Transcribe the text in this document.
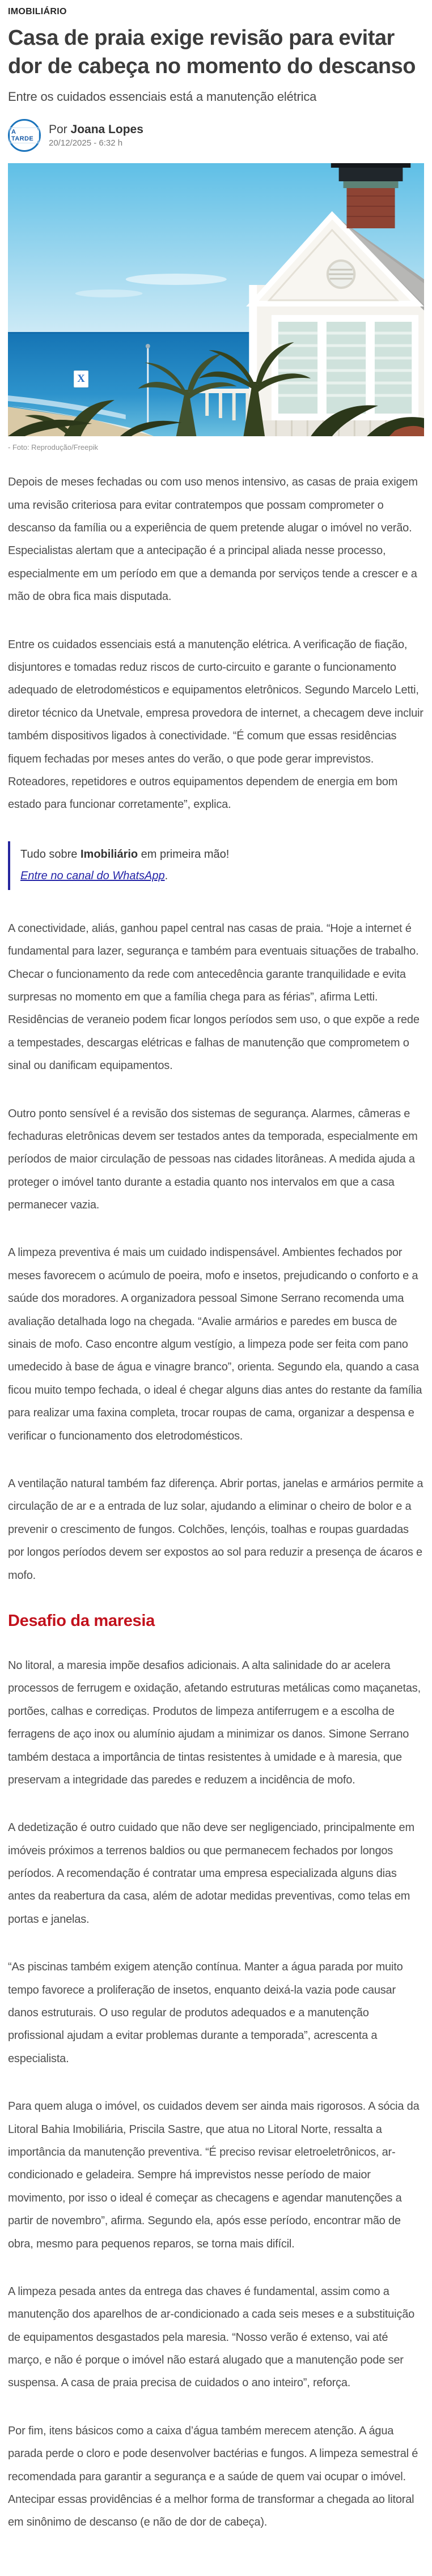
IMOBILIÁRIO
Casa de praia exige revisão para evitar dor de cabeça no momento do descanso

Entre os cuidados essenciais está a manutenção elétrica

A TARDE
Por Joana Lopes
20/12/2025 - 6:32 h
X
- Foto: Reprodução/Freepik

Depois de meses fechadas ou com uso menos intensivo, as casas de praia exigem uma revisão criteriosa para evitar contratempos que possam comprometer o descanso da família ou a experiência de quem pretende alugar o imóvel no verão. Especialistas alertam que a antecipação é a principal aliada nesse processo, especialmente em um período em que a demanda por serviços tende a crescer e a mão de obra fica mais disputada.

Entre os cuidados essenciais está a manutenção elétrica. A verificação de fiação, disjuntores e tomadas reduz riscos de curto-circuito e garante o funcionamento adequado de eletrodomésticos e equipamentos eletrônicos. Segundo Marcelo Letti, diretor técnico da Unetvale, empresa provedora de internet, a checagem deve incluir também dispositivos ligados à conectividade. “É comum que essas residências fiquem fechadas por meses antes do verão, o que pode gerar imprevistos. Roteadores, repetidores e outros equipamentos dependem de energia em bom estado para funcionar corretamente”, explica.

Tudo sobre Imobiliário em primeira mão!
Entre no canal do WhatsApp.

A conectividade, aliás, ganhou papel central nas casas de praia. “Hoje a internet é fundamental para lazer, segurança e também para eventuais situações de trabalho. Checar o funcionamento da rede com antecedência garante tranquilidade e evita surpresas no momento em que a família chega para as férias”, afirma Letti. Residências de veraneio podem ficar longos períodos sem uso, o que expõe a rede a tempestades, descargas elétricas e falhas de manutenção que comprometem o sinal ou danificam equipamentos.

Outro ponto sensível é a revisão dos sistemas de segurança. Alarmes, câmeras e fechaduras eletrônicas devem ser testados antes da temporada, especialmente em períodos de maior circulação de pessoas nas cidades litorâneas. A medida ajuda a proteger o imóvel tanto durante a estadia quanto nos intervalos em que a casa permanecer vazia.

A limpeza preventiva é mais um cuidado indispensável. Ambientes fechados por meses favorecem o acúmulo de poeira, mofo e insetos, prejudicando o conforto e a saúde dos moradores. A organizadora pessoal Simone Serrano recomenda uma avaliação detalhada logo na chegada. “Avalie armários e paredes em busca de sinais de mofo. Caso encontre algum vestígio, a limpeza pode ser feita com pano umedecido à base de água e vinagre branco”, orienta. Segundo ela, quando a casa ficou muito tempo fechada, o ideal é chegar alguns dias antes do restante da família para realizar uma faxina completa, trocar roupas de cama, organizar a despensa e verificar o funcionamento dos eletrodomésticos.

A ventilação natural também faz diferença. Abrir portas, janelas e armários permite a circulação de ar e a entrada de luz solar, ajudando a eliminar o cheiro de bolor e a prevenir o crescimento de fungos. Colchões, lençóis, toalhas e roupas guardadas por longos períodos devem ser expostos ao sol para reduzir a presença de ácaros e mofo.

Desafio da maresia

No litoral, a maresia impõe desafios adicionais. A alta salinidade do ar acelera processos de ferrugem e oxidação, afetando estruturas metálicas como maçanetas, portões, calhas e corrediças. Produtos de limpeza antiferrugem e a escolha de ferragens de aço inox ou alumínio ajudam a minimizar os danos. Simone Serrano também destaca a importância de tintas resistentes à umidade e à maresia, que preservam a integridade das paredes e reduzem a incidência de mofo.

A dedetização é outro cuidado que não deve ser negligenciado, principalmente em imóveis próximos a terrenos baldios ou que permanecem fechados por longos períodos. A recomendação é contratar uma empresa especializada alguns dias antes da reabertura da casa, além de adotar medidas preventivas, como telas em portas e janelas.

“As piscinas também exigem atenção contínua. Manter a água parada por muito tempo favorece a proliferação de insetos, enquanto deixá-la vazia pode causar danos estruturais. O uso regular de produtos adequados e a manutenção profissional ajudam a evitar problemas durante a temporada”, acrescenta a especialista.

Para quem aluga o imóvel, os cuidados devem ser ainda mais rigorosos. A sócia da Litoral Bahia Imobiliária, Priscila Sastre, que atua no Litoral Norte, ressalta a importância da manutenção preventiva. “É preciso revisar eletroeletrônicos, ar-condicionado e geladeira. Sempre há imprevistos nesse período de maior movimento, por isso o ideal é começar as checagens e agendar manutenções a partir de novembro”, afirma. Segundo ela, após esse período, encontrar mão de obra, mesmo para pequenos reparos, se torna mais difícil.

A limpeza pesada antes da entrega das chaves é fundamental, assim como a manutenção dos aparelhos de ar-condicionado a cada seis meses e a substituição de equipamentos desgastados pela maresia. “Nosso verão é extenso, vai até março, e não é porque o imóvel não estará alugado que a manutenção pode ser suspensa. A casa de praia precisa de cuidados o ano inteiro”, reforça.

Por fim, itens básicos como a caixa d’água também merecem atenção. A água parada perde o cloro e pode desenvolver bactérias e fungos. A limpeza semestral é recomendada para garantir a segurança e a saúde de quem vai ocupar o imóvel. Antecipar essas providências é a melhor forma de transformar a chegada ao litoral em sinônimo de descanso (e não de dor de cabeça).
